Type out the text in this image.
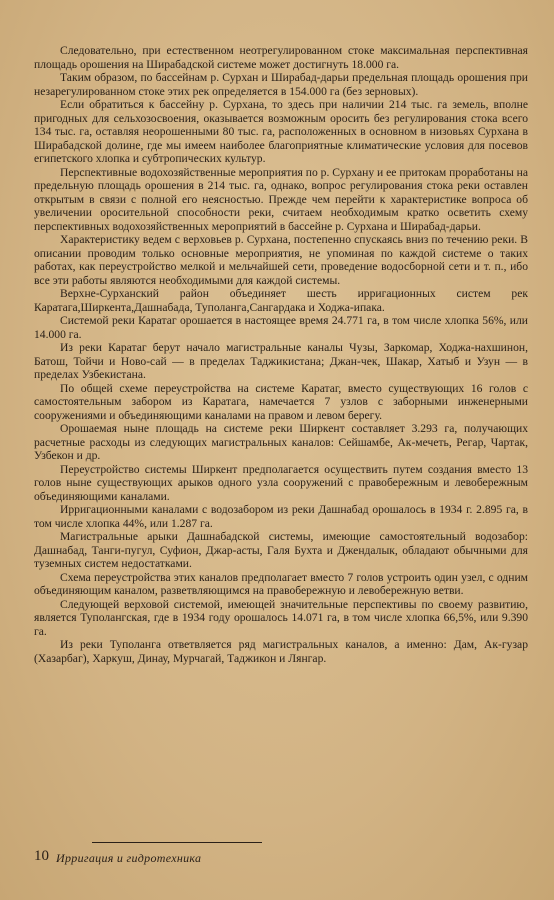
Следовательно, при естественном неотрегулированном стоке максимальная перспективная площадь орошения на Ширабадской системе может достигнуть 18.000 га.

Таким образом, по бассейнам р. Сурхан и Ширабад-дарьи предельная площадь орошения при незарегулированном стоке этих рек определяется в 154.000 га (без зерновых).

Если обратиться к бассейну р. Сурхана, то здесь при наличии 214 тыс. га земель, вполне пригодных для сельхозосвоения, оказывается возможным оросить без регулирования стока всего 134 тыс. га, оставляя неорошенными 80 тыс. га, расположенных в основном в низовьях Сурхана в Ширабадской долине, где мы имеем наиболее благоприятные климатические условия для посевов египетского хлопка и субтропических культур.

Перспективные водохозяйственные мероприятия по р. Сурхану и ее притокам проработаны на предельную площадь орошения в 214 тыс. га, однако, вопрос регулирования стока реки оставлен открытым в связи с полной его неясностью. Прежде чем перейти к характеристике вопроса об увеличении оросительной способности реки, считаем необходимым кратко осветить схему перспективных водохозяйственных мероприятий в бассейне р. Сурхана и Ширабад-дарьи.

Характеристику ведем с верховьев р. Сурхана, постепенно спускаясь вниз по течению реки. В описании проводим только основные мероприятия, не упоминая по каждой системе о таких работах, как переустройство мелкой и мельчайшей сети, проведение водосборной сети и т. п., ибо все эти работы являются необходимыми для каждой системы.

Верхне-Сурханский район объединяет шесть ирригационных систем рек Каратага,Ширкента,Дашнабада, Туполанга,Сангардака и Ходжа-ипака.

Системой реки Каратаг орошается в настоящее время 24.771 га, в том числе хлопка 56%, или 14.000 га.

Из реки Каратаг берут начало магистральные каналы Чузы, Заркомар, Ходжа-нахшинон, Батош, Тойчи и Ново-сай — в пределах Таджикистана; Джан-чек, Шакар, Хатыб и Узун — в пределах Узбекистана.

По общей схеме переустройства на системе Каратаг, вместо существующих 16 голов с самостоятельным забором из Каратага, намечается 7 узлов с заборными инженерными сооружениями и объединяющими каналами на правом и левом берегу.

Орошаемая ныне площадь на системе реки Ширкент составляет 3.293 га, получающих расчетные расходы из следующих магистральных каналов: Сейшамбе, Ак-мечеть, Регар, Чартак, Узбекон и др.

Переустройство системы Ширкент предполагается осуществить путем создания вместо 13 голов ныне существующих арыков одного узла сооружений с правобережным и левобережным объединяющими каналами.

Ирригационными каналами с водозабором из реки Дашнабад орошалось в 1934 г. 2.895 га, в том числе хлопка 44%, или 1.287 га.

Магистральные арыки Дашнабадской системы, имеющие самостоятельный водозабор: Дашнабад, Танги-пугул, Суфион, Джар-асты, Галя Бухта и Джендалык, обладают обычными для туземных систем недостатками.

Схема переустройства этих каналов предполагает вместо 7 голов устроить один узел, с одним объединяющим каналом, разветвляющимся на правобережную и левобережную ветви.

Следующей верховой системой, имеющей значительные перспективы по своему развитию, является Туполангская, где в 1934 году орошалось 14.071 га, в том числе хлопка 66,5%, или 9.390 га.

Из реки Туполанга ответвляется ряд магистральных каналов, а именно: Дам, Ак-гузар (Хазарбаг), Харкуш, Динау, Мурчагай, Таджикон и Лянгар.

10 Ирригация и гидротехника
